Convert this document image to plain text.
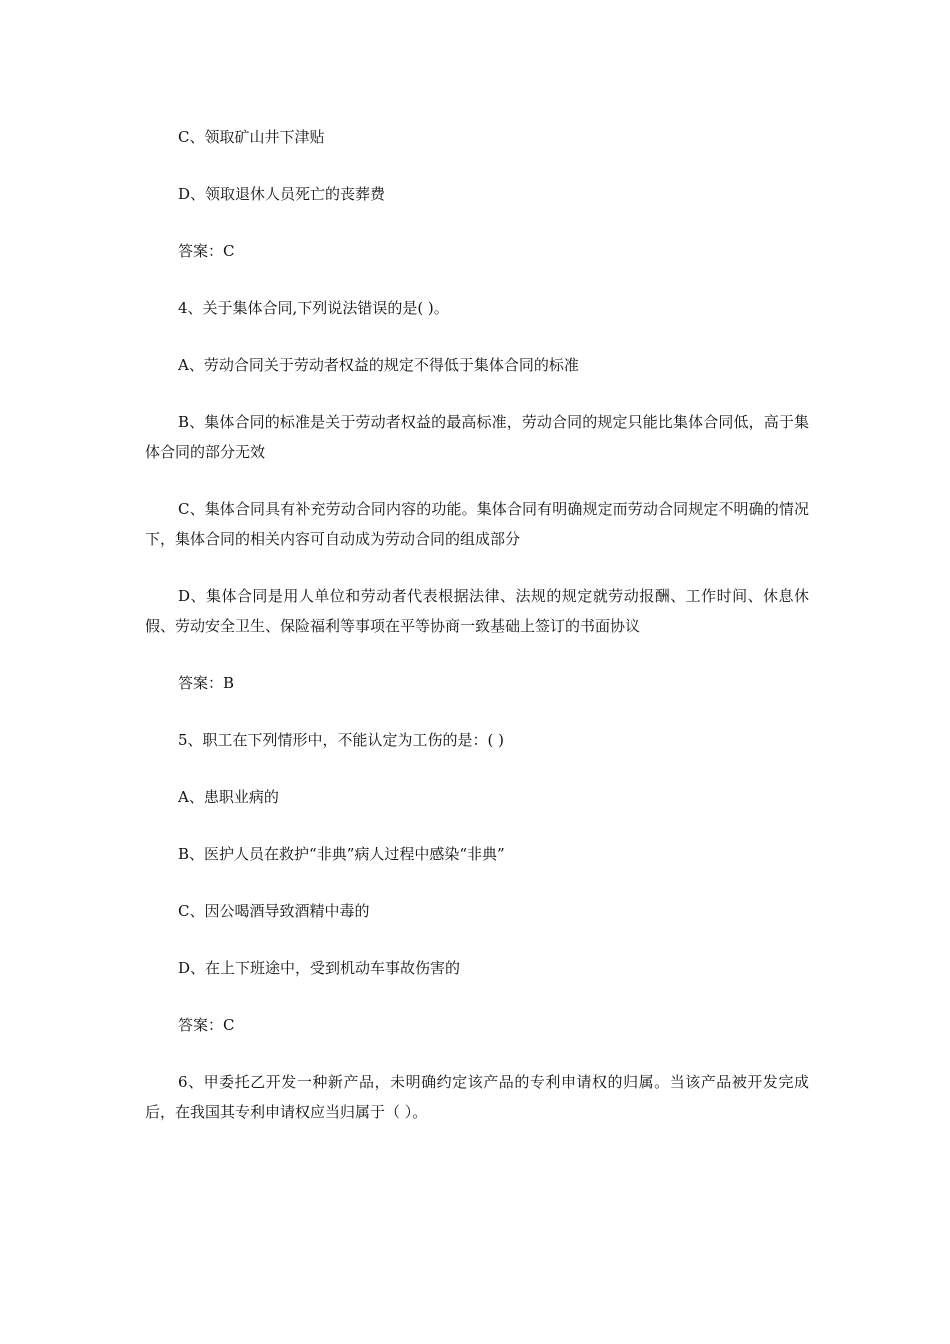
C、领取矿山井下津贴

D、领取退休人员死亡的丧葬费

答案：C

4、关于集体合同,下列说法错误的是( )。

A、劳动合同关于劳动者权益的规定不得低于集体合同的标准

B、集体合同的标准是关于劳动者权益的最高标准，劳动合同的规定只能比集体合同低，高于集体合同的部分无效

C、集体合同具有补充劳动合同内容的功能。集体合同有明确规定而劳动合同规定不明确的情况下，集体合同的相关内容可自动成为劳动合同的组成部分

D、集体合同是用人单位和劳动者代表根据法律、法规的规定就劳动报酬、工作时间、休息休假、劳动安全卫生、保险福利等事项在平等协商一致基础上签订的书面协议

答案：B

5、职工在下列情形中，不能认定为工伤的是：( )

A、患职业病的

B、医护人员在救护“非典”病人过程中感染“非典”

C、因公喝酒导致酒精中毒的

D、在上下班途中，受到机动车事故伤害的

答案：C

6、甲委托乙开发一种新产品，未明确约定该产品的专利申请权的归属。当该产品被开发完成后，在我国其专利申请权应当归属于（ ）。
